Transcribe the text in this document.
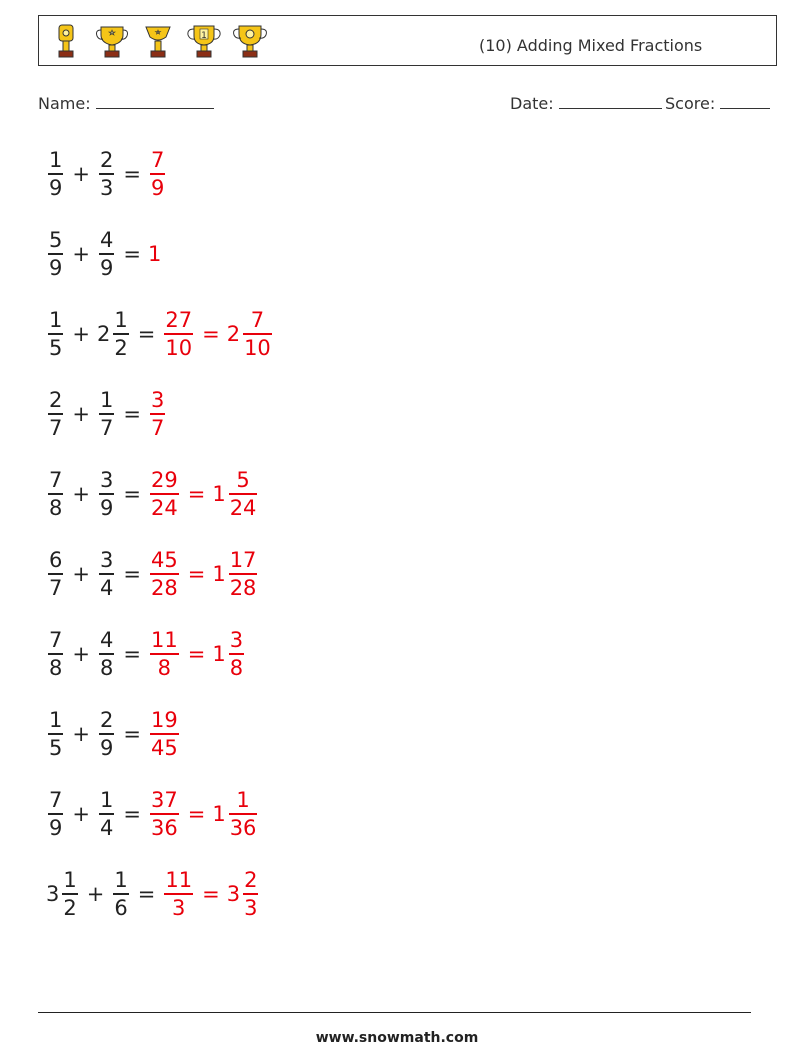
1	(10) Adding Mixed Fractions
Name:	Date:	Score:
$\frac{1}{9} + \frac{2}{3} = \frac{7}{9}$
$\frac{5}{9} + \frac{4}{9} = 1$
$\frac{1}{5} + 2 \frac{1}{2} = \frac{27}{10} = 2 \frac{7}{10}$
$\frac{2}{7} + \frac{1}{7} = \frac{3}{7}$
$\frac{7}{8} + \frac{3}{9} = \frac{29}{24} = 1 \frac{5}{24}$
$\frac{6}{7} + \frac{3}{4} = \frac{45}{28} = 1 \frac{17}{28}$
$\frac{7}{8} + \frac{4}{8} = \frac{11}{8} = 1 \frac{3}{8}$
$\frac{1}{5} + \frac{2}{9} = \frac{19}{45}$
$\frac{7}{9} + \frac{1}{4} = \frac{37}{36} = 1 \frac{1}{36}$
$3 \frac{1}{2} + \frac{1}{6} = \frac{11}{3} = 3 \frac{2}{3}$
www.snowmath.com
